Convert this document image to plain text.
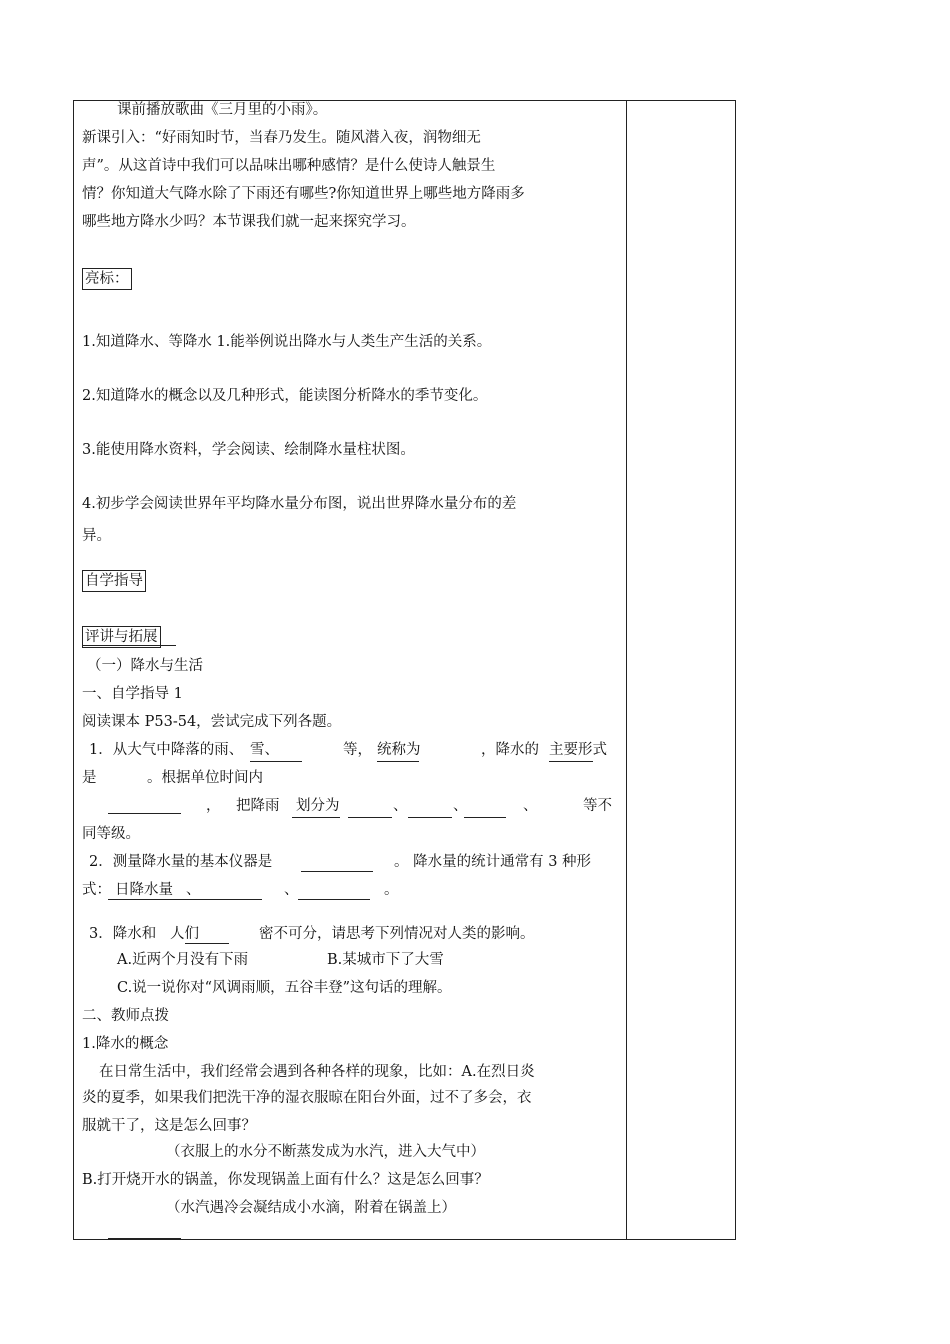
课前播放歌曲《三月里的小雨》。
新课引入：“好雨知时节，当春乃发生。随风潜入夜，润物细无
声”。从这首诗中我们可以品味出哪种感情？是什么使诗人触景生
情？你知道大气降水除了下雨还有哪些?你知道世界上哪些地方降雨多
哪些地方降水少吗？本节课我们就一起来探究学习。
亮标：
1.知道降水、等降水 1.能举例说出降水与人类生产生活的关系。
2.知道降水的概念以及几种形式，能读图分析降水的季节变化。
3.能使用降水资料，学会阅读、绘制降水量柱状图。
4.初步学会阅读世界年平均降水量分布图，说出世界降水量分布的差
异。
自学指导
评讲与拓展
（一）降水与生活
一、自学指导 1
阅读课本 P53-54，尝试完成下列各题。
1．从大气中降落的雨、 雪、	等， 统称为	，降水的 主要形式
是	。根据单位时间内
， 把降雨 划分为	、	、	、	等不
同等级。
2．测量降水量的基本仪器是	。 降水量的统计通常有 3 种形
式： 日降水量 、	、	。
3．降水和 人们	密不可分，请思考下列情况对人类的影响。
A.近两个月没有下雨	B.某城市下了大雪
C.说一说你对“风调雨顺，五谷丰登”这句话的理解。
二、教师点拨
1.降水的概念
在日常生活中，我们经常会遇到各种各样的现象，比如：A.在烈日炎
炎的夏季，如果我们把洗干净的湿衣服晾在阳台外面，过不了多会，衣
服就干了，这是怎么回事？
（衣服上的水分不断蒸发成为水汽，进入大气中）
B.打开烧开水的锅盖，你发现锅盖上面有什么？这是怎么回事？
（水汽遇冷会凝结成小水滴，附着在锅盖上）
